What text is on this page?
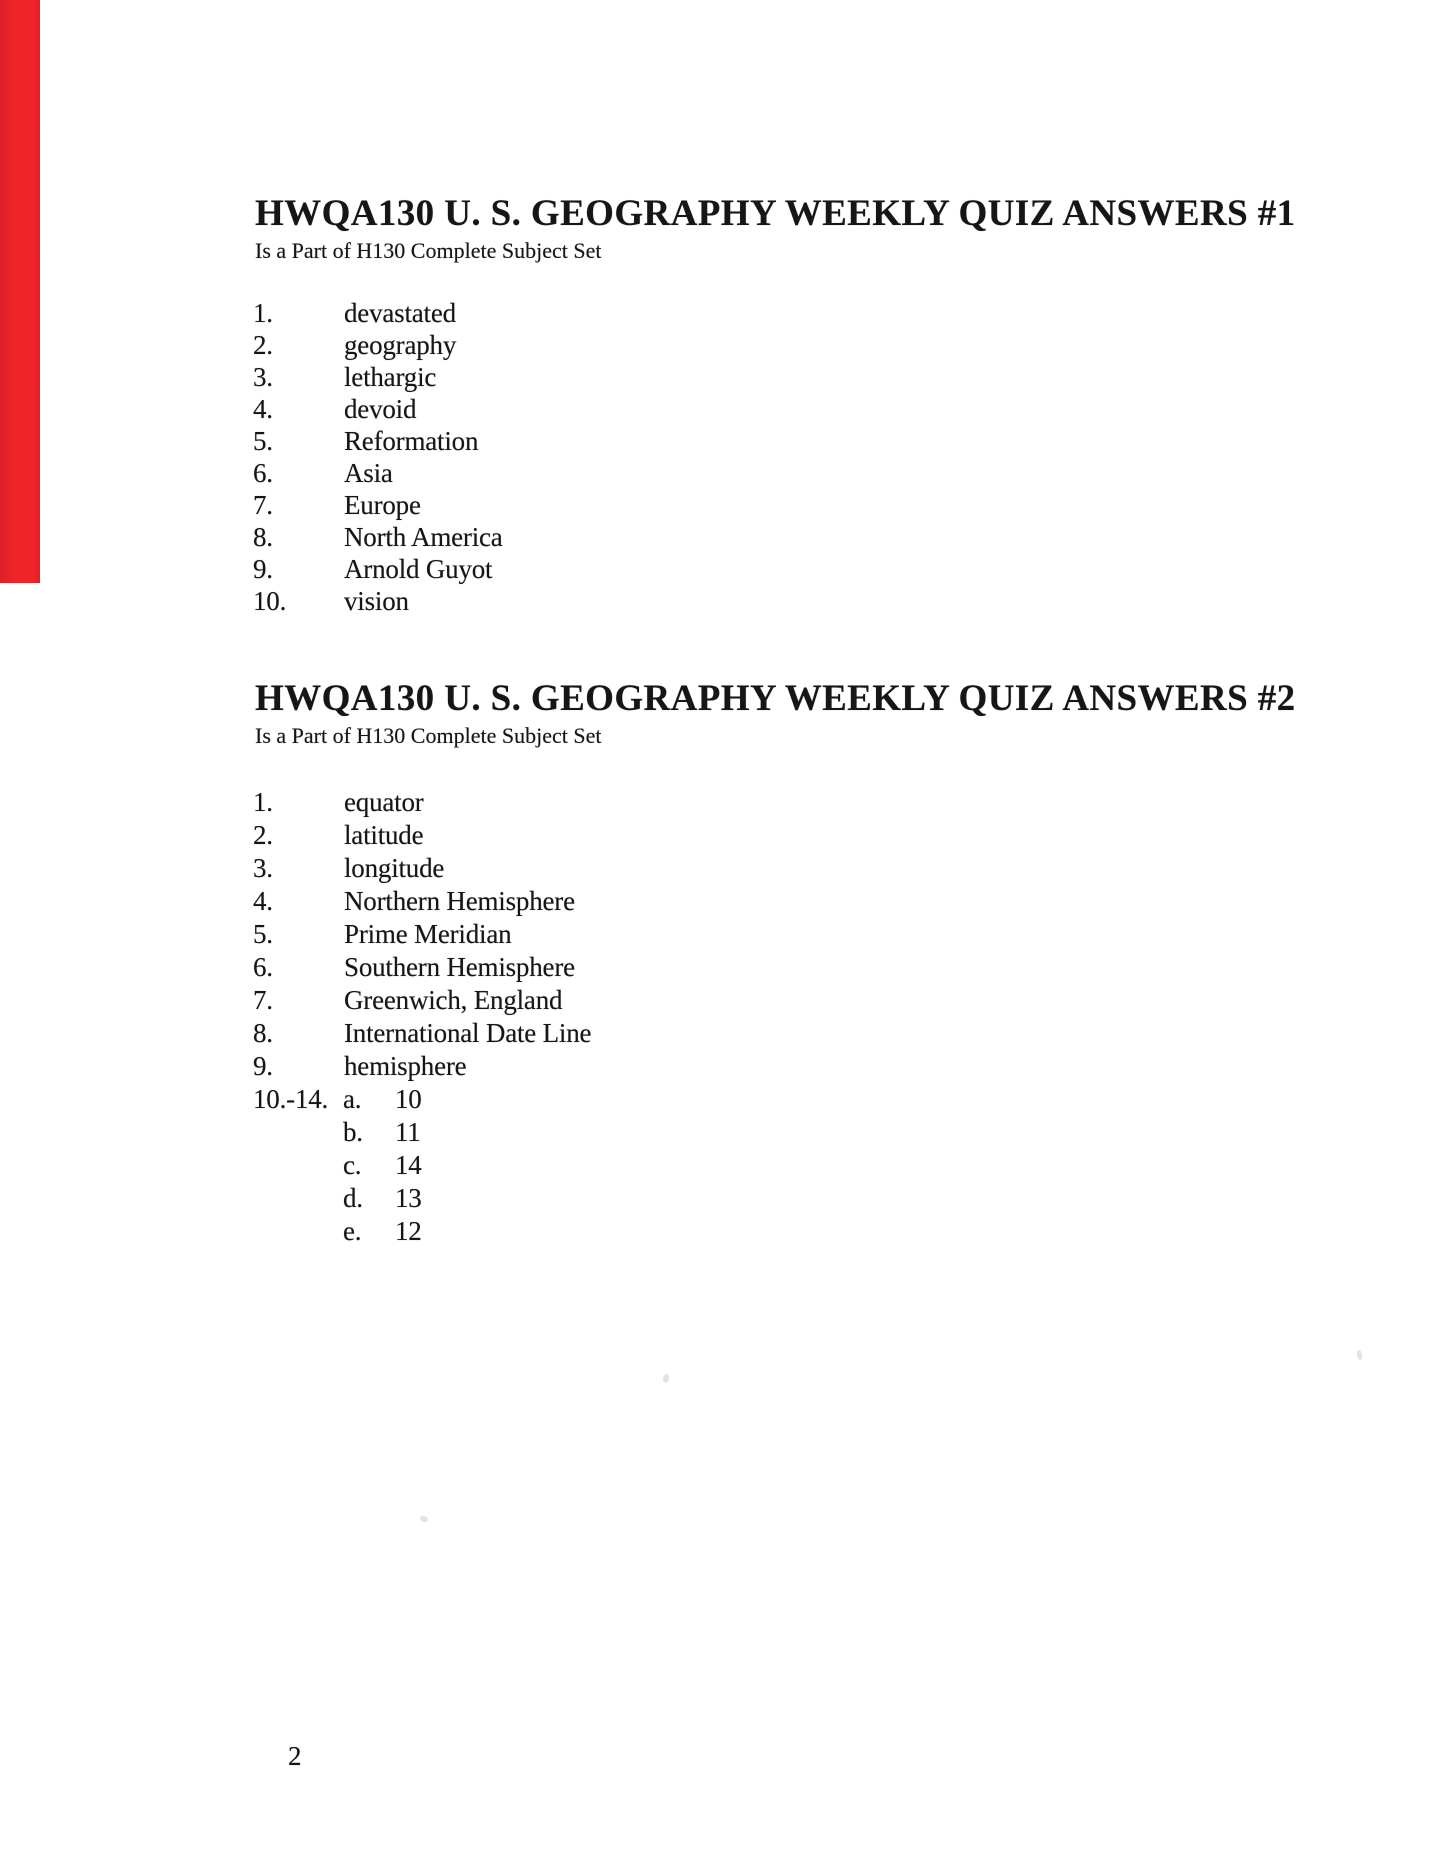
HWQA130 U. S. GEOGRAPHY WEEKLY QUIZ ANSWERS #1
Is a Part of H130 Complete Subject Set
1.	devastated
2.	geography
3.	lethargic
4.	devoid
5.	Reformation
6.	Asia
7.	Europe
8.	North America
9.	Arnold Guyot
10.	vision
HWQA130 U. S. GEOGRAPHY WEEKLY QUIZ ANSWERS #2
Is a Part of H130 Complete Subject Set
1.	equator
2.	latitude
3.	longitude
4.	Northern Hemisphere
5.	Prime Meridian
6.	Southern Hemisphere
7.	Greenwich, England
8.	International Date Line
9.	hemisphere
10.-14. a.	10
b.	11
c.	14
d.	13
e.	12
2
